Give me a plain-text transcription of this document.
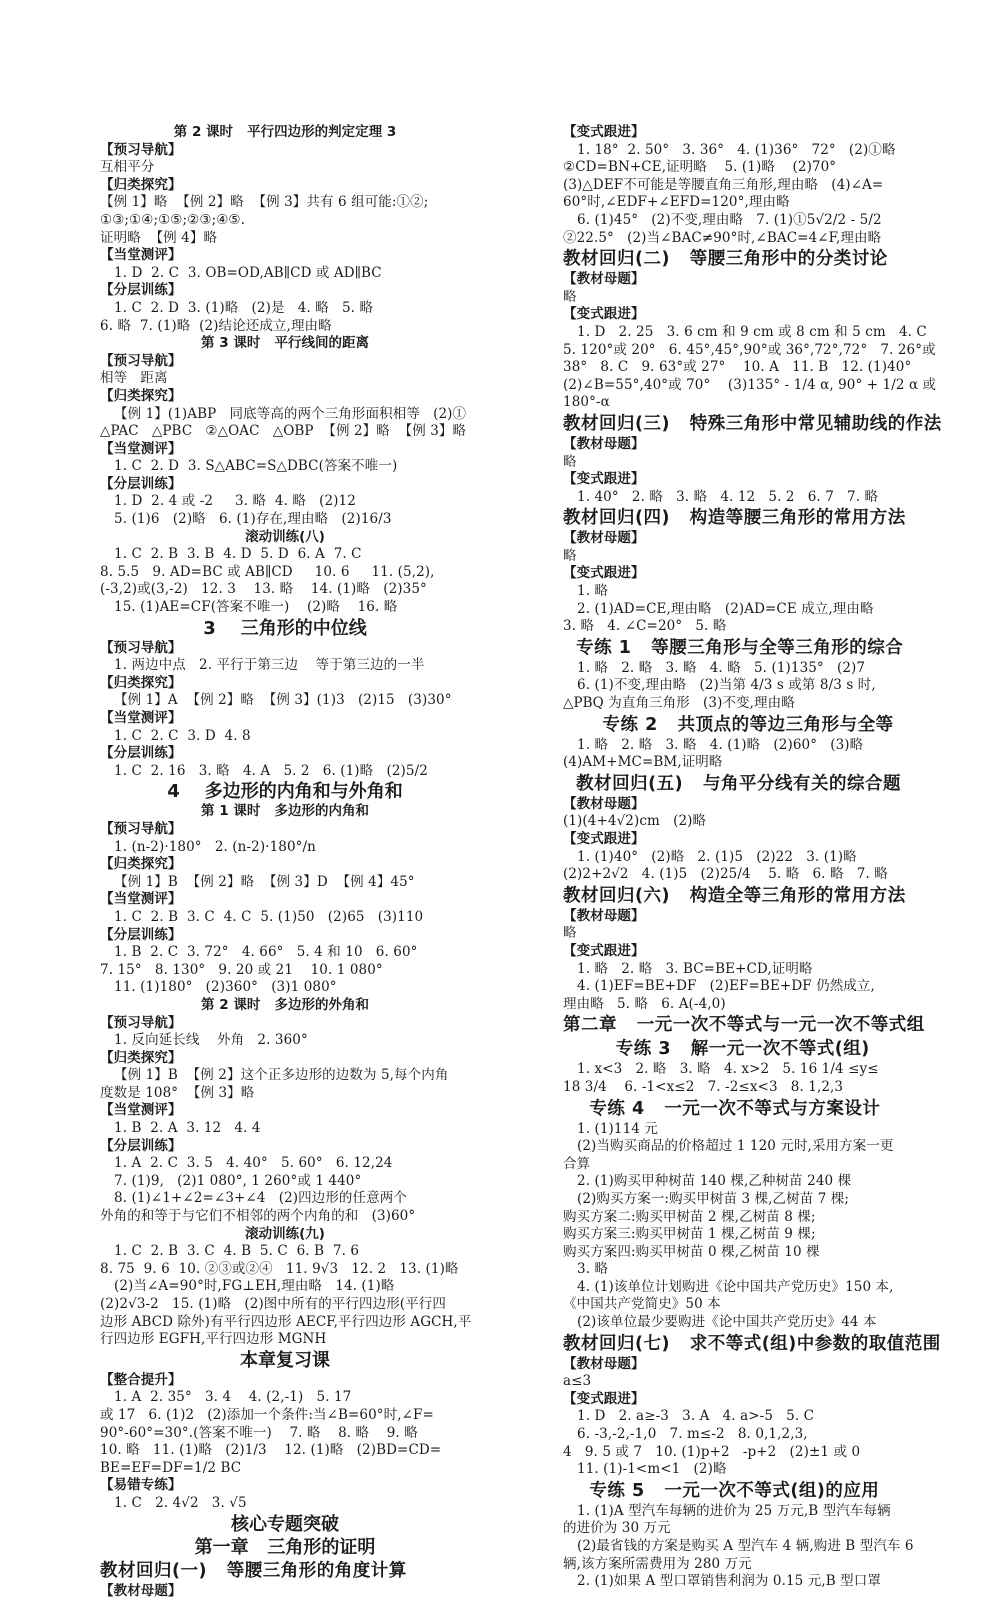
第 2 课时   平行四边形的判定定理 3
【预习导航】
互相平分
【归类探究】
【例 1】略  【例 2】略  【例 3】共有 6 组可能:①②;
①③;①④;①⑤;②③;④⑤.
证明略  【例 4】略
【当堂测评】
1. D  2. C  3. OB=OD,AB∥CD 或 AD∥BC
【分层训练】
1. C  2. D  3. (1)略   (2)是   4. 略   5. 略
6. 略  7. (1)略  (2)结论还成立,理由略
第 3 课时   平行线间的距离
【预习导航】
相等   距离
【归类探究】
【例 1】(1)ABP   同底等高的两个三角形面积相等   (2)①
△PAC   △PBC   ②△OAC   △OBP  【例 2】略  【例 3】略
【当堂测评】
1. C  2. D  3. S△ABC=S△DBC(答案不唯一)
【分层训练】
1. D  2. 4 或 -2     3. 略  4. 略   (2)12
5. (1)6   (2)略   6. (1)存在,理由略   (2)16/3
滚动训练(八)
1. C  2. B  3. B  4. D  5. D  6. A  7. C
8. 5.5   9. AD=BC 或 AB∥CD     10. 6     11. (5,2),
(-3,2)或(3,-2)   12. 3    13. 略    14. (1)略   (2)35°
15. (1)AE=CF(答案不唯一)    (2)略    16. 略
3    三角形的中位线
【预习导航】
1. 两边中点   2. 平行于第三边    等于第三边的一半
【归类探究】
【例 1】A  【例 2】略  【例 3】(1)3   (2)15   (3)30°
【当堂测评】
1. C  2. C  3. D  4. 8
【分层训练】
1. C  2. 16   3. 略   4. A   5. 2   6. (1)略   (2)5/2
4    多边形的内角和与外角和
第 1 课时   多边形的内角和
【预习导航】
1. (n-2)·180°   2. (n-2)·180°/n
【归类探究】
【例 1】B  【例 2】略  【例 3】D  【例 4】45°
【当堂测评】
1. C  2. B  3. C  4. C  5. (1)50   (2)65   (3)110
【分层训练】
1. B  2. C  3. 72°   4. 66°   5. 4 和 10   6. 60°
7. 15°   8. 130°   9. 20 或 21    10. 1 080°
11. (1)180°   (2)360°   (3)1 080°
第 2 课时   多边形的外角和
【预习导航】
1. 反向延长线    外角   2. 360°
【归类探究】
【例 1】B  【例 2】这个正多边形的边数为 5,每个内角
度数是 108°  【例 3】略
【当堂测评】
1. B  2. A  3. 12   4. 4
【分层训练】
1. A  2. C  3. 5   4. 40°   5. 60°   6. 12,24
7. (1)9,   (2)1 080°, 1 260°或 1 440°
8. (1)∠1+∠2=∠3+∠4   (2)四边形的任意两个
外角的和等于与它们不相邻的两个内角的和   (3)60°
滚动训练(九)
1. C  2. B  3. C  4. B  5. C  6. B  7. 6
8. 75  9. 6  10. ②③或②④   11. 9√3   12. 2   13. (1)略
(2)当∠A=90°时,FG⊥EH,理由略   14. (1)略
(2)2√3-2   15. (1)略   (2)图中所有的平行四边形(平行四
边形 ABCD 除外)有平行四边形 AECF,平行四边形 AGCH,平
行四边形 EGFH,平行四边形 MGNH
本章复习课
【整合提升】
1. A  2. 35°   3. 4    4. (2,-1)   5. 17
或 17   6. (1)2   (2)添加一个条件:当∠B=60°时,∠F=
90°-60°=30°.(答案不唯一)    7. 略    8. 略    9. 略
10. 略   11. (1)略   (2)1/3    12. (1)略   (2)BD=CD=
BE=EF=DF=1/2 BC
【易错专练】
1. C   2. 4√2   3. √5
核心专题突破
第一章   三角形的证明
教材回归(一)   等腰三角形的角度计算
【教材母题】
【变式跟进】
1. 18°  2. 50°   3. 36°   4. (1)36°   72°   (2)①略
②CD=BN+CE,证明略    5. (1)略    (2)70°
(3)△DEF不可能是等腰直角三角形,理由略   (4)∠A=
60°时,∠EDF+∠EFD=120°,理由略
6. (1)45°   (2)不变,理由略   7. (1)①5√2/2 - 5/2
②22.5°   (2)当∠BAC≠90°时,∠BAC=4∠F,理由略
教材回归(二)   等腰三角形中的分类讨论
【教材母题】
略
【变式跟进】
1. D   2. 25   3. 6 cm 和 9 cm 或 8 cm 和 5 cm   4. C
5. 120°或 20°   6. 45°,45°,90°或 36°,72°,72°   7. 26°或
38°   8. C   9. 63°或 27°    10. A   11. B   12. (1)40°
(2)∠B=55°,40°或 70°    (3)135° - 1/4 α, 90° + 1/2 α 或
180°-α
教材回归(三)   特殊三角形中常见辅助线的作法
【教材母题】
略
【变式跟进】
1. 40°   2. 略   3. 略   4. 12   5. 2   6. 7   7. 略
教材回归(四)   构造等腰三角形的常用方法
【教材母题】
略
【变式跟进】
1. 略
2. (1)AD=CE,理由略   (2)AD=CE 成立,理由略
3. 略   4. ∠C=20°   5. 略
专练 1   等腰三角形与全等三角形的综合
1. 略   2. 略   3. 略   4. 略   5. (1)135°   (2)7
6. (1)不变,理由略   (2)当第 4/3 s 或第 8/3 s 时,
△PBQ 为直角三角形   (3)不变,理由略
专练 2   共顶点的等边三角形与全等
1. 略   2. 略   3. 略   4. (1)略   (2)60°   (3)略
(4)AM+MC=BM,证明略
教材回归(五)   与角平分线有关的综合题
【教材母题】
(1)(4+4√2)cm   (2)略
【变式跟进】
1. (1)40°   (2)略   2. (1)5   (2)22   3. (1)略
(2)2+2√2   4. (1)5   (2)25/4    5. 略   6. 略   7. 略
教材回归(六)   构造全等三角形的常用方法
【教材母题】
略
【变式跟进】
1. 略   2. 略   3. BC=BE+CD,证明略
4. (1)EF=BE+DF   (2)EF=BE+DF 仍然成立,
理由略   5. 略   6. A(-4,0)
第二章   一元一次不等式与一元一次不等式组
专练 3   解一元一次不等式(组)
1. x<3   2. 略   3. 略   4. x>2   5. 16 1/4 ≤y≤
18 3/4    6. -1<x≤2   7. -2≤x<3   8. 1,2,3
专练 4   一元一次不等式与方案设计
1. (1)114 元
(2)当购买商品的价格超过 1 120 元时,采用方案一更
合算
2. (1)购买甲种树苗 140 棵,乙种树苗 240 棵
(2)购买方案一:购买甲树苗 3 棵,乙树苗 7 棵;
购买方案二:购买甲树苗 2 棵,乙树苗 8 棵;
购买方案三:购买甲树苗 1 棵,乙树苗 9 棵;
购买方案四:购买甲树苗 0 棵,乙树苗 10 棵
3. 略
4. (1)该单位计划购进《论中国共产党历史》150 本,
《中国共产党简史》50 本
(2)该单位最少要购进《论中国共产党历史》44 本
教材回归(七)   求不等式(组)中参数的取值范围
【教材母题】
a≤3
【变式跟进】
1. D   2. a≥-3   3. A   4. a>-5   5. C
6. -3,-2,-1,0   7. m≤-2   8. 0,1,2,3,
4   9. 5 或 7   10. (1)p+2   -p+2   (2)±1 或 0
11. (1)-1<m<1   (2)略
专练 5   一元一次不等式(组)的应用
1. (1)A 型汽车每辆的进价为 25 万元,B 型汽车每辆
的进价为 30 万元
(2)最省钱的方案是购买 A 型汽车 4 辆,购进 B 型汽车 6
辆,该方案所需费用为 280 万元
2. (1)如果 A 型口罩销售利润为 0.15 元,B 型口罩
